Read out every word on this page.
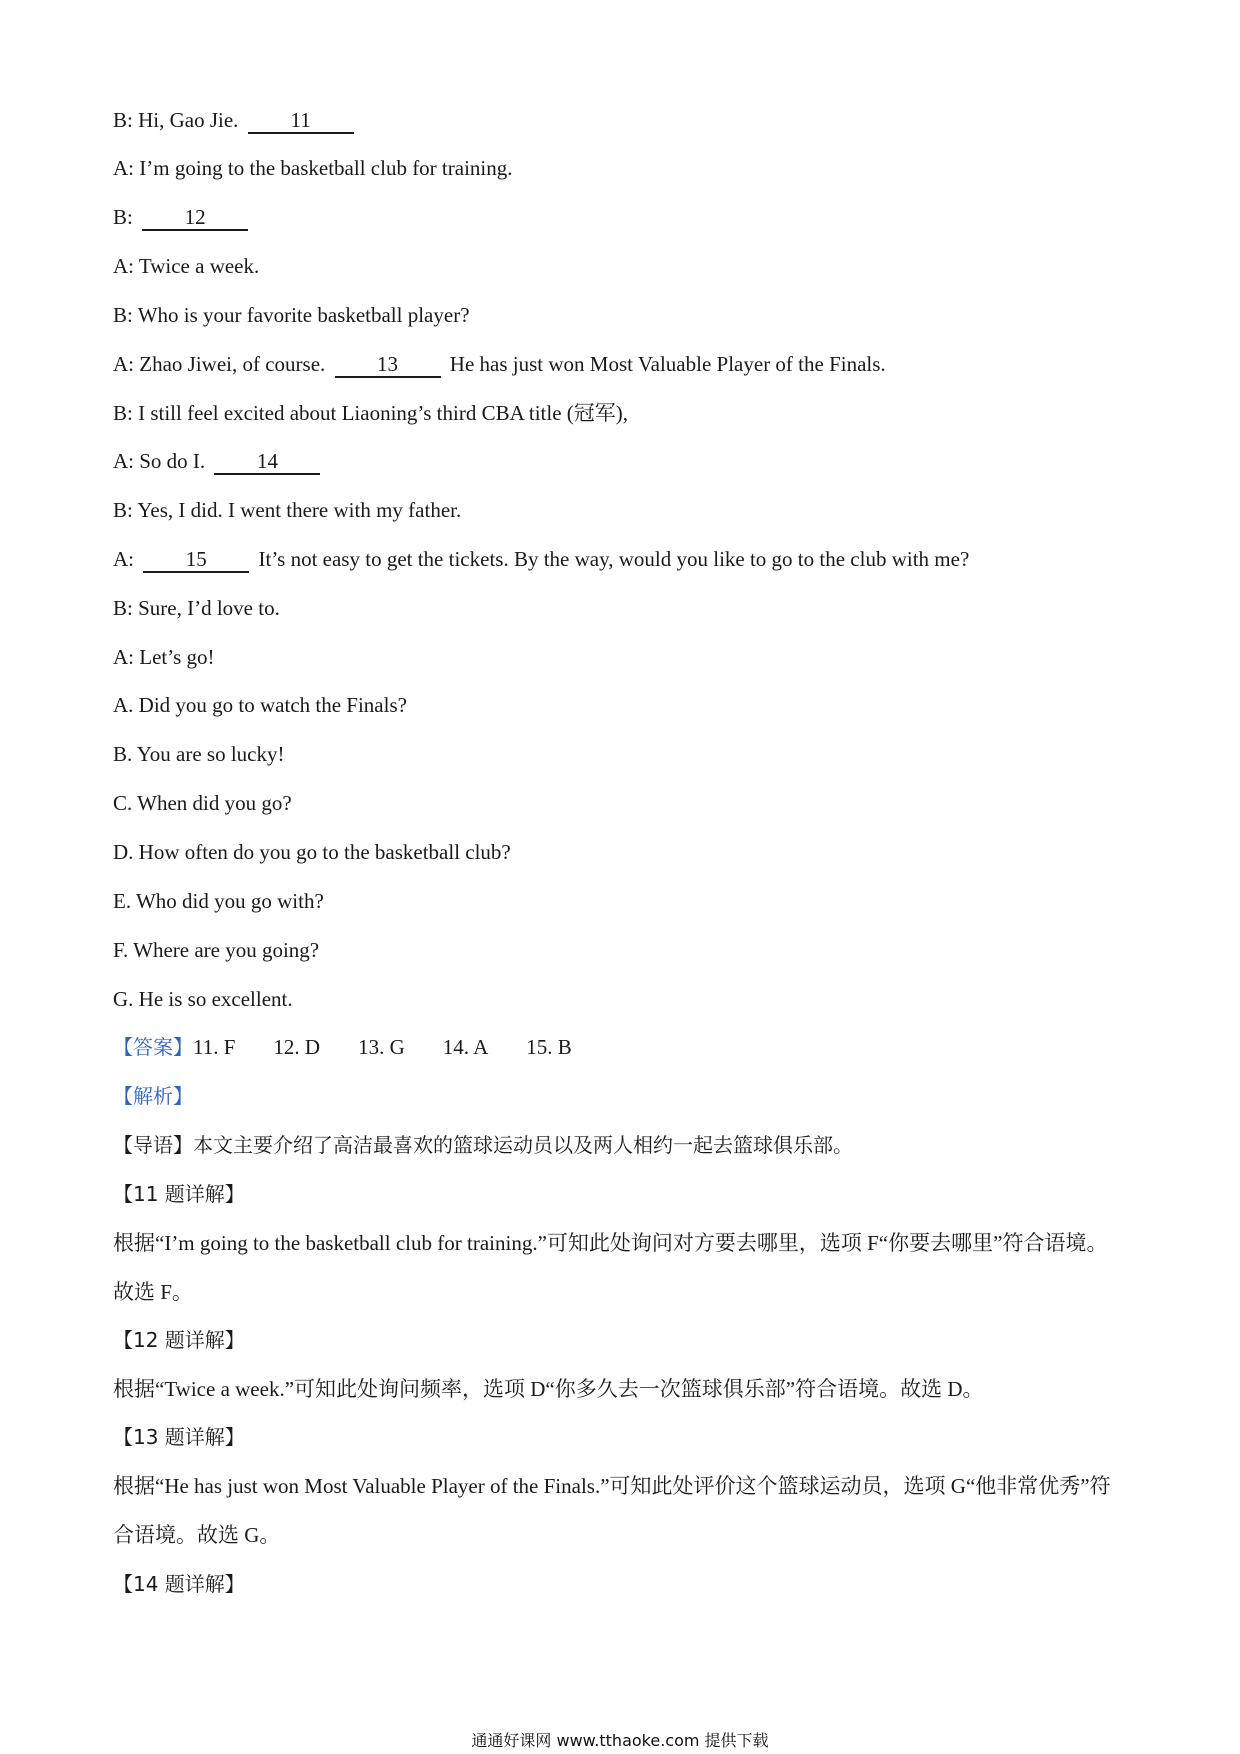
B: Hi, Gao Jie. 11
A: I’m going to the basketball club for training.
B: 12
A: Twice a week.
B: Who is your favorite basketball player?
A: Zhao Jiwei, of course. 13 He has just won Most Valuable Player of the Finals.
B: I still feel excited about Liaoning’s third CBA title (冠军),
A: So do I. 14
B: Yes, I did. I went there with my father.
A: 15 It’s not easy to get the tickets. By the way, would you like to go to the club with me?
B: Sure, I’d love to.
A: Let’s go!
A. Did you go to watch the Finals?
B. You are so lucky!
C. When did you go?
D. How often do you go to the basketball club?
E. Who did you go with?
F. Where are you going?
G. He is so excellent.
【答案】11. F 12. D 13. G 14. A 15. B
【解析】
【导语】本文主要介绍了高洁最喜欢的篮球运动员以及两人相约一起去篮球俱乐部。
【11 题详解】
根据“I’m going to the basketball club for training.”可知此处询问对方要去哪里，选项 F“你要去哪里”符合语境。故选 F。
【12 题详解】
根据“Twice a week.”可知此处询问频率，选项 D“你多久去一次篮球俱乐部”符合语境。故选 D。
【13 题详解】
根据“He has just won Most Valuable Player of the Finals.”可知此处评价这个篮球运动员，选项 G“他非常优秀”符合语境。故选 G。
【14 题详解】
通通好课网 www.tthaoke.com 提供下载
